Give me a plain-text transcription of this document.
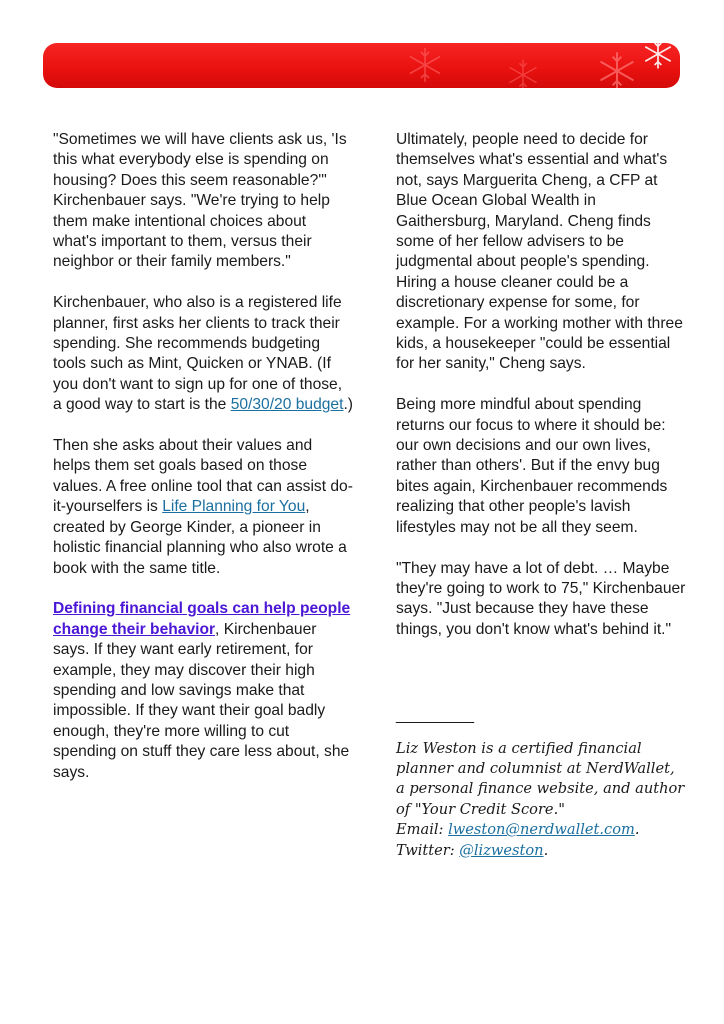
"Sometimes we will have clients ask us, 'Is this what everybody else is spending on housing? Does this seem reasonable?'" Kirchenbauer says. "We're trying to help them make intentional choices about what's important to them, versus their neighbor or their family members."

Kirchenbauer, who also is a registered life planner, first asks her clients to track their spending. She recommends budgeting tools such as Mint, Quicken or YNAB. (If you don't want to sign up for one of those, a good way to start is the 50/30/20 budget.)

Then she asks about their values and helps them set goals based on those values. A free online tool that can assist do-it-yourselfers is Life Planning for You, created by George Kinder, a pioneer in holistic financial planning who also wrote a book with the same title.

Defining financial goals can help people change their behavior, Kirchenbauer says. If they want early retirement, for example, they may discover their high spending and low savings make that impossible. If they want their goal badly enough, they're more willing to cut spending on stuff they care less about, she says.

Ultimately, people need to decide for themselves what's essential and what's not, says Marguerita Cheng, a CFP at Blue Ocean Global Wealth in Gaithersburg, Maryland. Cheng finds some of her fellow advisers to be judgmental about people's spending. Hiring a house cleaner could be a discretionary expense for some, for example. For a working mother with three kids, a housekeeper "could be essential for her sanity," Cheng says.

Being more mindful about spending returns our focus to where it should be: our own decisions and our own lives, rather than others'. But if the envy bug bites again, Kirchenbauer recommends realizing that other people's lavish lifestyles may not be all they seem.

"They may have a lot of debt. … Maybe they're going to work to 75," Kirchenbauer says. "Just because they have these things, you don't know what's behind it."

_________

Liz Weston is a certified financial planner and columnist at NerdWallet, a personal finance website, and author of "Your Credit Score."
Email: lweston@nerdwallet.com.
Twitter: @lizweston.
